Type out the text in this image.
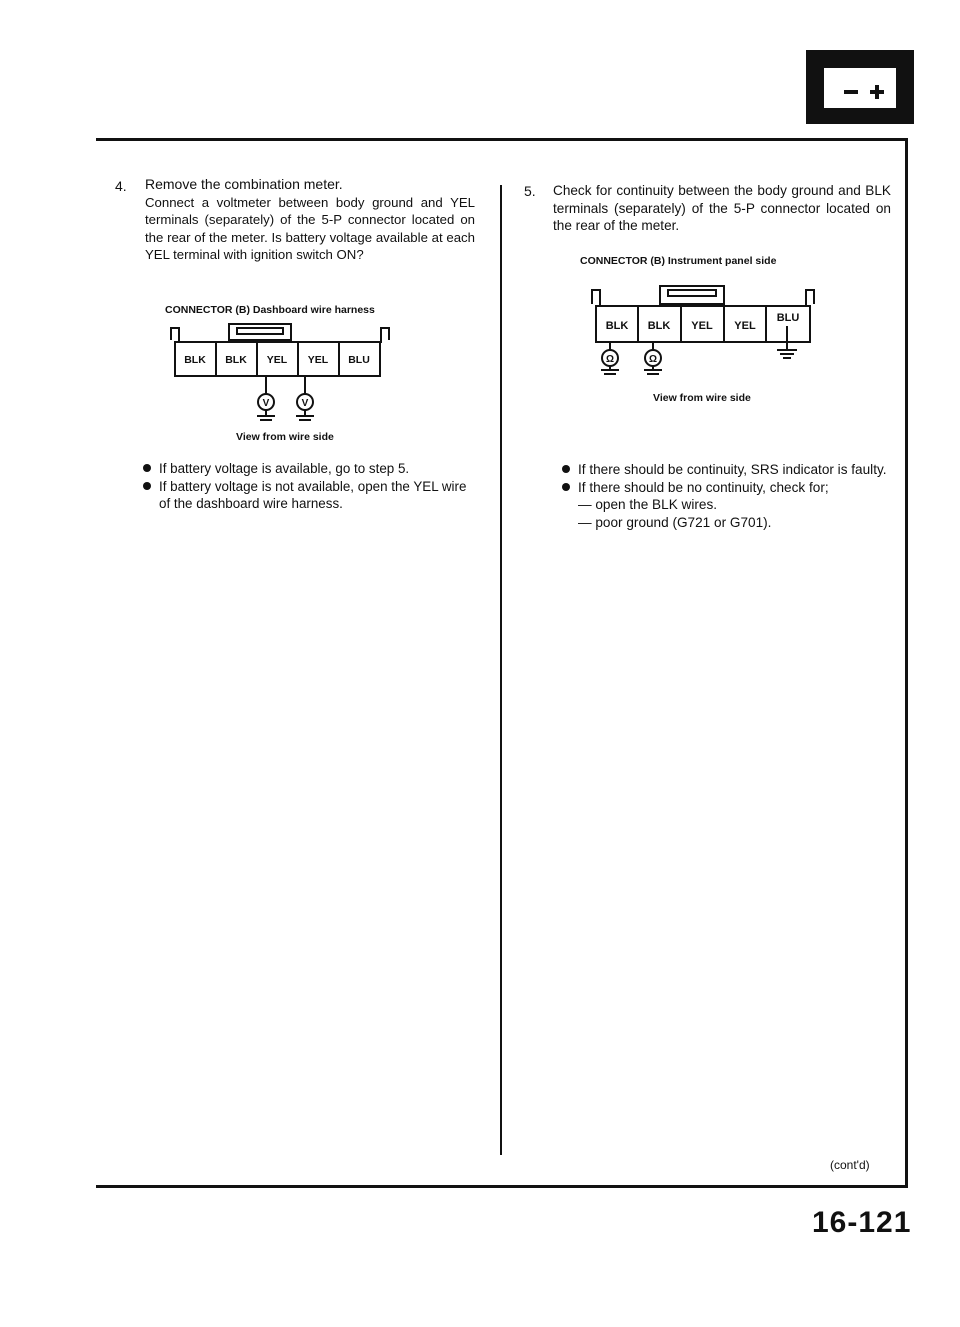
4. Remove the combination meter.
Connect a voltmeter between body ground and YEL terminals (separately) of the 5-P connector located on the rear of the meter. Is battery voltage available at each YEL terminal with ignition switch ON?
CONNECTOR (B) Dashboard wire harness
BLK BLK YEL YEL BLU
V	V
View from wire side
If battery voltage is available, go to step 5.
If battery voltage is not available, open the YEL wire of the dashboard wire harness.
5. Check for continuity between the body ground and BLK terminals (separately) of the 5-P connector located on the rear of the meter.
CONNECTOR (B) Instrument panel side
BLK BLK YEL YEL
BLU
Ω	Ω
View from wire side
If there should be continuity, SRS indicator is faulty.
If there should be no continuity, check for;
— open the BLK wires.
— poor ground (G721 or G701).
(cont'd)
16-121
